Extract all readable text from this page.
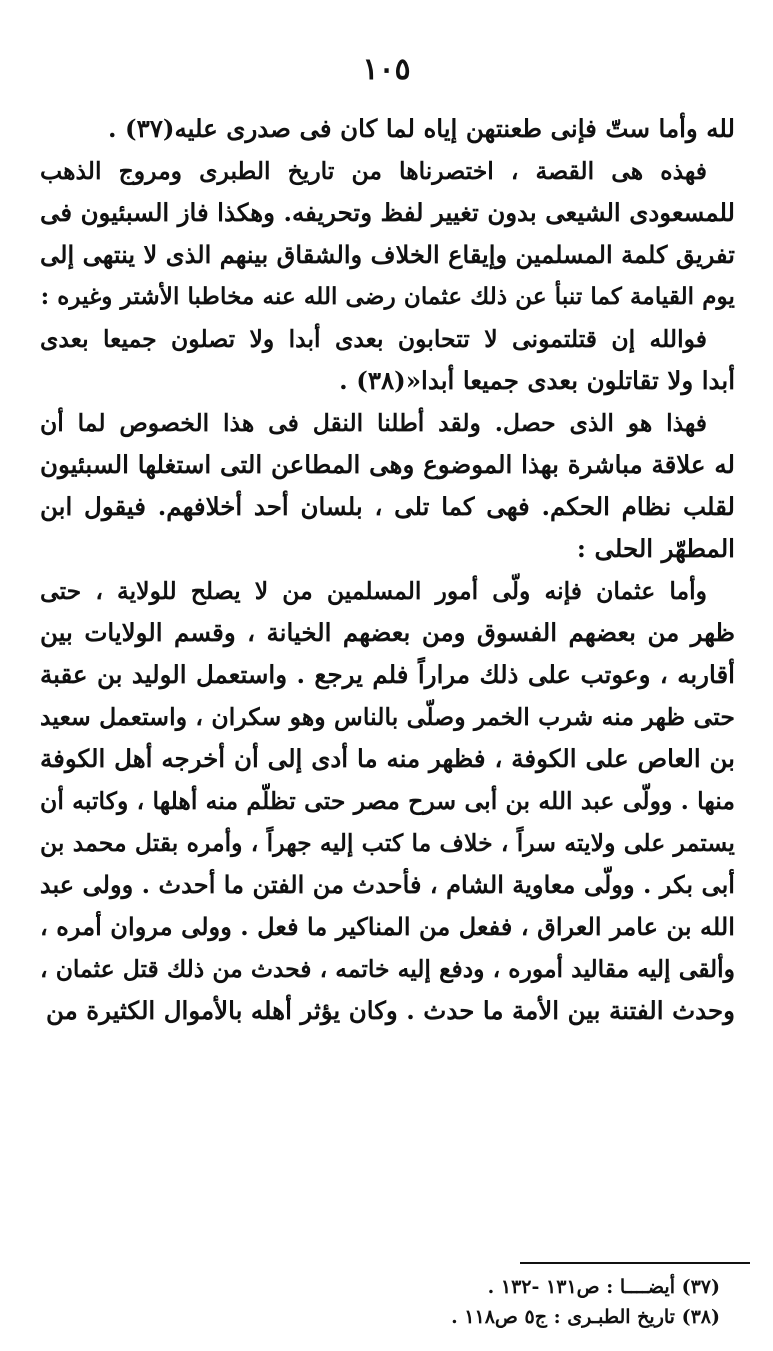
١٠٥
لله وأما ستّ فإنى طعنتهن إياه لما كان فى صدرى عليه(٣٧) .
فهذه هى القصة ، اختصرناها من تاريخ الطبرى ومروج الذهب
للمسعودى الشيعى بدون تغيير لفظ وتحريفه. وهكذا فاز السبئيون فى
تفريق كلمة المسلمين وإيقاع الخلاف والشقاق بينهم الذى لا ينتهى إلى
يوم القيامة كما تنبأ عن ذلك عثمان رضى الله عنه مخاطبا الأشتر وغيره :
فوالله إن قتلتمونى لا تتحابون بعدى أبدا ولا تصلون جميعا بعدى
أبدا ولا تقاتلون بعدى جميعا أبدا«(٣٨) .
فهذا هو الذى حصل. ولقد أطلنا النقل فى هذا الخصوص لما أن
له علاقة مباشرة بهذا الموضوع وهى المطاعن التى استغلها السبئيون
لقلب نظام الحكم. فهى كما تلى ، بلسان أحد أخلافهم. فيقول ابن
المطهّر الحلى :
وأما عثمان فإنه ولّى أمور المسلمين من لا يصلح للولاية ، حتى
ظهر من بعضهم الفسوق ومن بعضهم الخيانة ، وقسم الولايات بين
أقاربه ، وعوتب على ذلك مراراً فلم يرجع . واستعمل الوليد بن عقبة
حتى ظهر منه شرب الخمر وصلّى بالناس وهو سكران ، واستعمل سعيد
بن العاص على الكوفة ، فظهر منه ما أدى إلى أن أخرجه أهل الكوفة
منها . وولّى عبد الله بن أبى سرح مصر حتى تظلّم منه أهلها ، وكاتبه أن
يستمر على ولايته سراً ، خلاف ما كتب إليه جهراً ، وأمره بقتل محمد بن
أبى بكر . وولّى معاوية الشام ، فأحدث من الفتن ما أحدث . وولى عبد
الله بن عامر العراق ، ففعل من المناكير ما فعل . وولى مروان أمره ،
وألقى إليه مقاليد أموره ، ودفع إليه خاتمه ، فحدث من ذلك قتل عثمان ،
وحدث الفتنة بين الأمة ما حدث . وكان يؤثر أهله بالأموال الكثيرة من
(٣٧) أيضــــا : ص١٣١ -١٣٢ .
(٣٨) تاريخ الطبـرى : ج٥ ص١١٨ .
